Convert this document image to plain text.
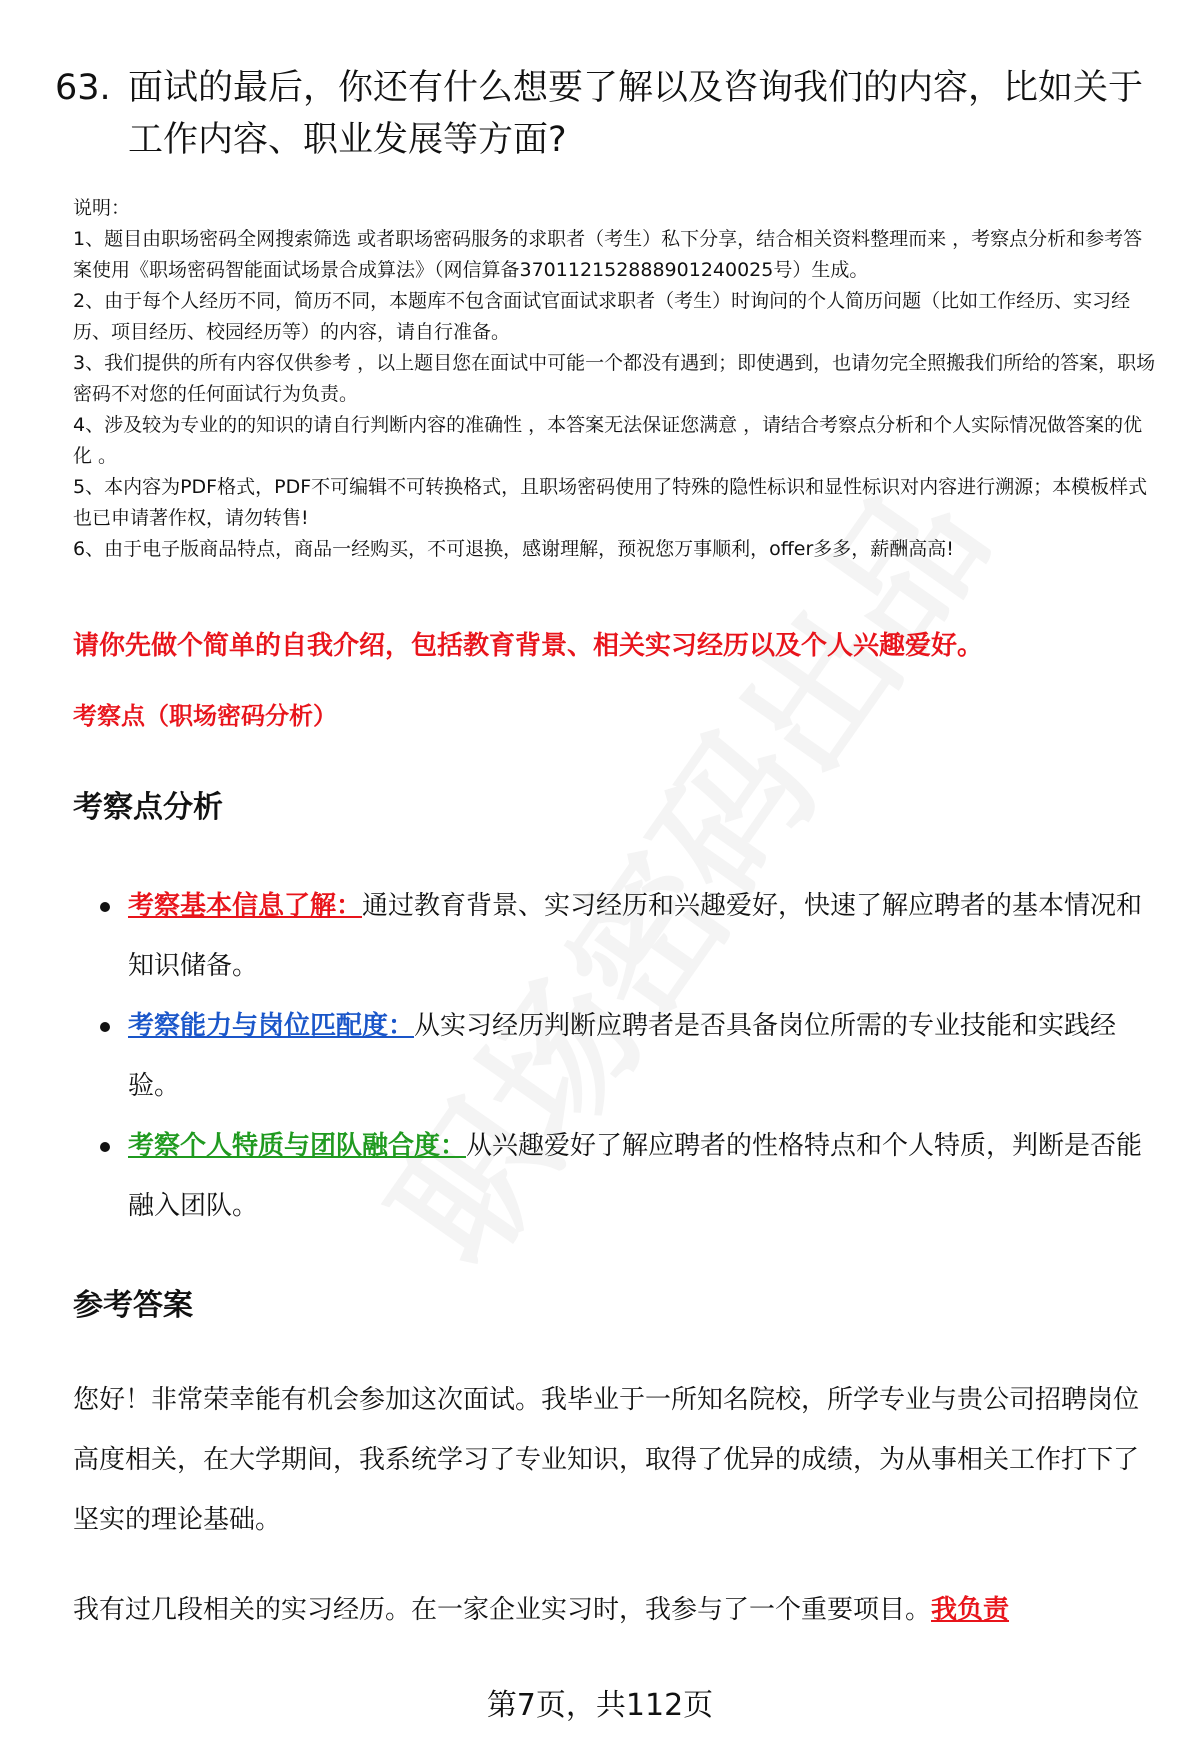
63. 面试的最后，你还有什么想要了解以及咨询我们的内容，比如关于工作内容、职业发展等方面?
说明：
1、题目由职场密码全网搜索筛选 或者职场密码服务的求职者（考生）私下分享，结合相关资料整理而来 ，考察点分析和参考答案使用《职场密码智能面试场景合成算法》（网信算备370112152888901240025号）生成。
2、由于每个人经历不同，简历不同，本题库不包含面试官面试求职者（考生）时询问的个人简历问题（比如工作经历、实习经历、项目经历、校园经历等）的内容，请自行准备。
3、我们提供的所有内容仅供参考 ，以上题目您在面试中可能一个都没有遇到；即使遇到，也请勿完全照搬我们所给的答案，职场密码不对您的任何面试行为负责。
4、涉及较为专业的的知识的请自行判断内容的准确性 ，本答案无法保证您满意 ，请结合考察点分析和个人实际情况做答案的优化 。
5、本内容为PDF格式，PDF不可编辑不可转换格式，且职场密码使用了特殊的隐性标识和显性标识对内容进行溯源；本模板样式也已申请著作权，请勿转售!
6、由于电子版商品特点，商品一经购买，不可退换，感谢理解，预祝您万事顺利，offer多多，薪酬高高!
请你先做个简单的自我介绍，包括教育背景、相关实习经历以及个人兴趣爱好。
考察点（职场密码分析）
考察点分析
考察基本信息了解：通过教育背景、实习经历和兴趣爱好，快速了解应聘者的基本情况和知识储备。
考察能力与岗位匹配度：从实习经历判断应聘者是否具备岗位所需的专业技能和实践经验。
考察个人特质与团队融合度：从兴趣爱好了解应聘者的性格特点和个人特质，判断是否能融入团队。
参考答案
您好！非常荣幸能有机会参加这次面试。我毕业于一所知名院校，所学专业与贵公司招聘岗位高度相关，在大学期间，我系统学习了专业知识，取得了优异的成绩，为从事相关工作打下了坚实的理论基础。
我有过几段相关的实习经历。在一家企业实习时，我参与了一个重要项目。我负责
第7页，共112页
